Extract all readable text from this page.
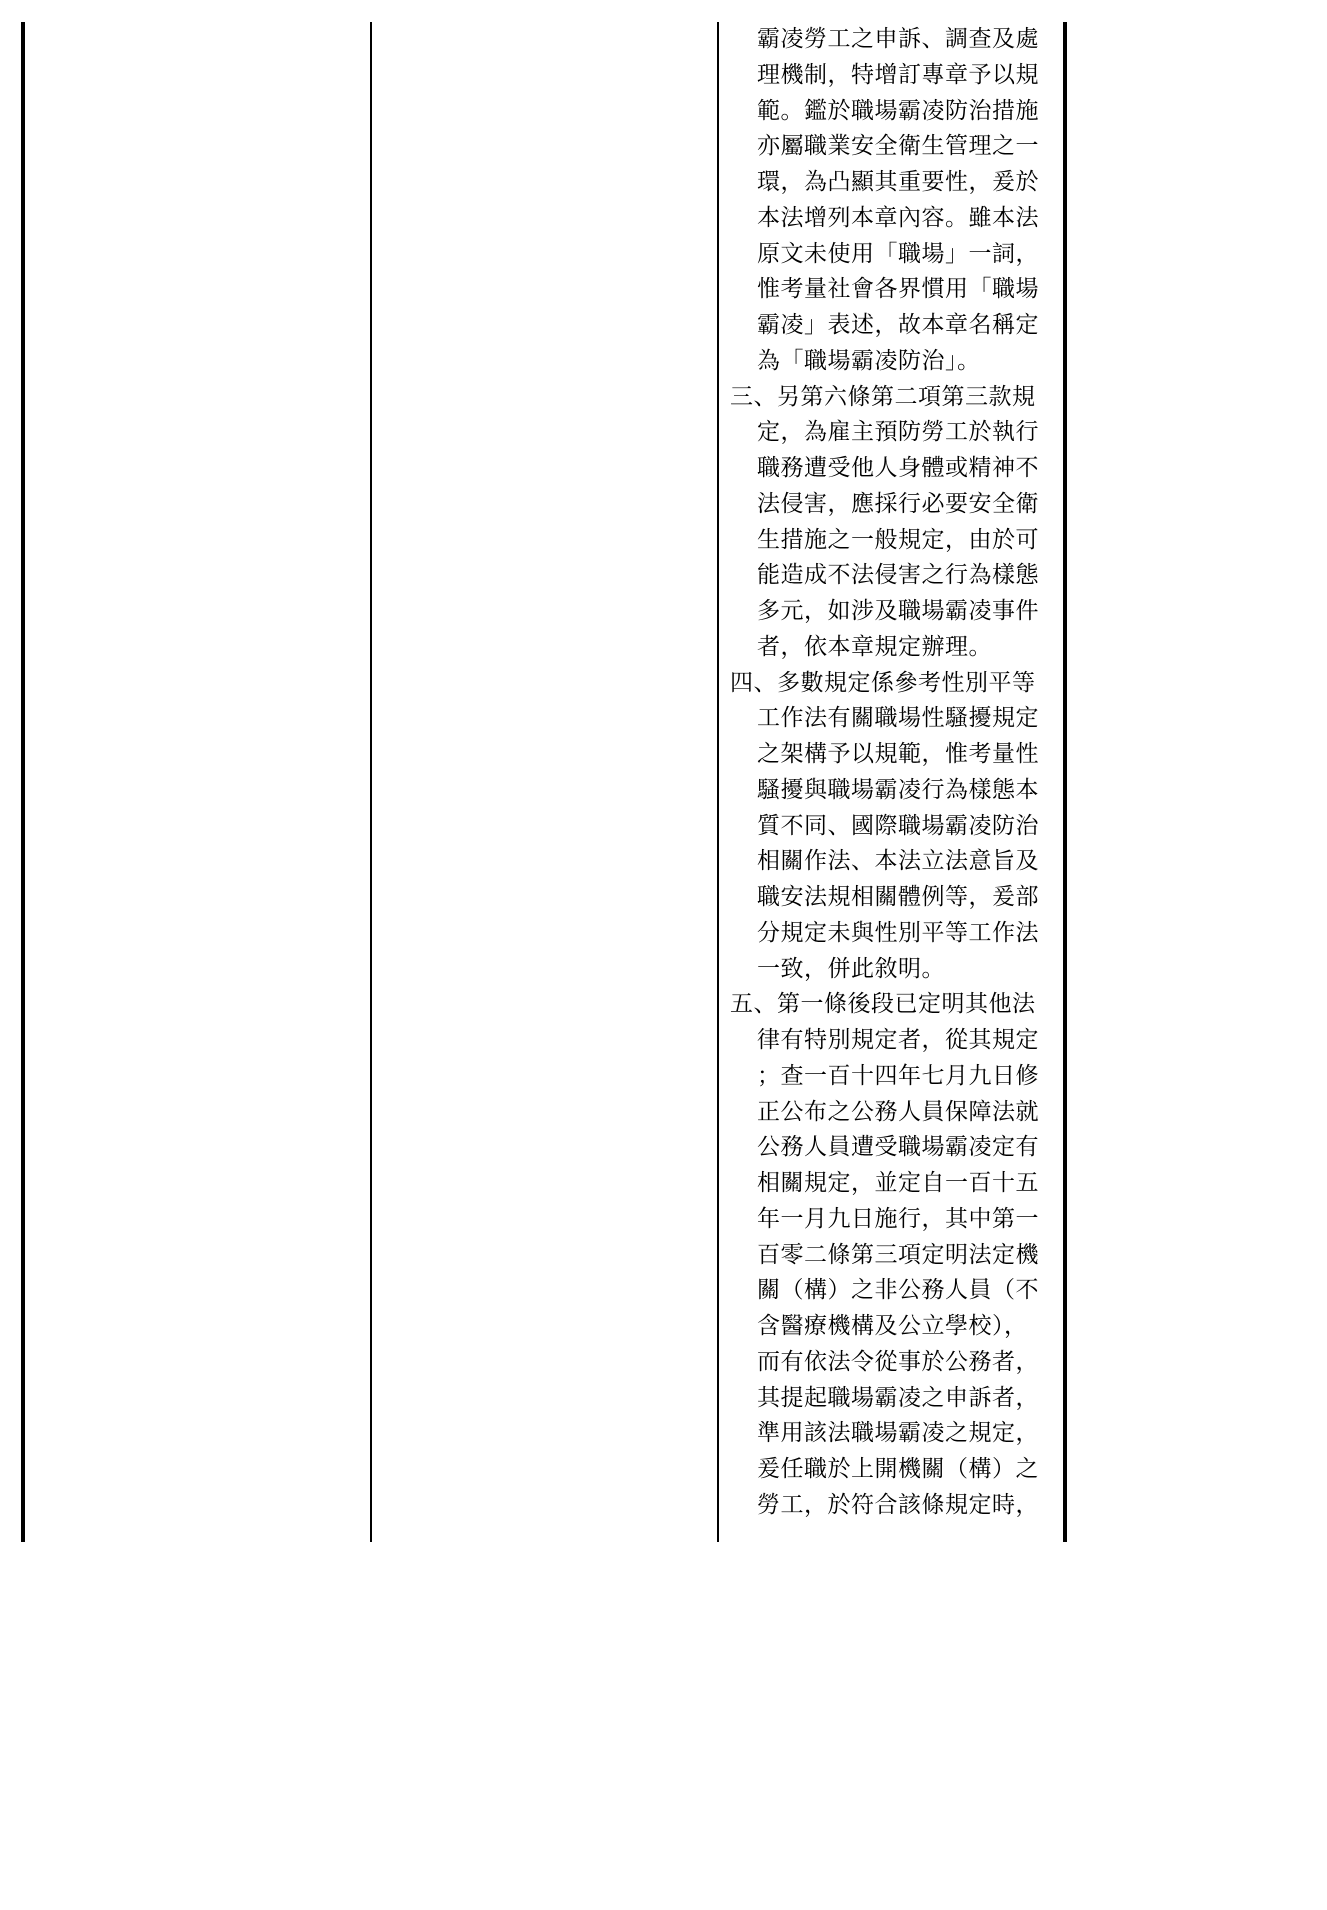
霸凌勞工之申訴、調查及處
理機制，特增訂專章予以規
範。鑑於職場霸凌防治措施
亦屬職業安全衛生管理之一
環，為凸顯其重要性，爰於
本法增列本章內容。雖本法
原文未使用「職場」一詞，
惟考量社會各界慣用「職場
霸凌」表述，故本章名稱定
為「職場霸凌防治」。
三、另第六條第二項第三款規
定，為雇主預防勞工於執行
職務遭受他人身體或精神不
法侵害，應採行必要安全衛
生措施之一般規定，由於可
能造成不法侵害之行為樣態
多元，如涉及職場霸凌事件
者，依本章規定辦理。
四、多數規定係參考性別平等
工作法有關職場性騷擾規定
之架構予以規範，惟考量性
騷擾與職場霸凌行為樣態本
質不同、國際職場霸凌防治
相關作法、本法立法意旨及
職安法規相關體例等，爰部
分規定未與性別平等工作法
一致，併此敘明。
五、第一條後段已定明其他法
律有特別規定者，從其規定
；查一百十四年七月九日修
正公布之公務人員保障法就
公務人員遭受職場霸凌定有
相關規定，並定自一百十五
年一月九日施行，其中第一
百零二條第三項定明法定機
關（構）之非公務人員（不
含醫療機構及公立學校），
而有依法令從事於公務者，
其提起職場霸凌之申訴者，
準用該法職場霸凌之規定，
爰任職於上開機關（構）之
勞工，於符合該條規定時，
